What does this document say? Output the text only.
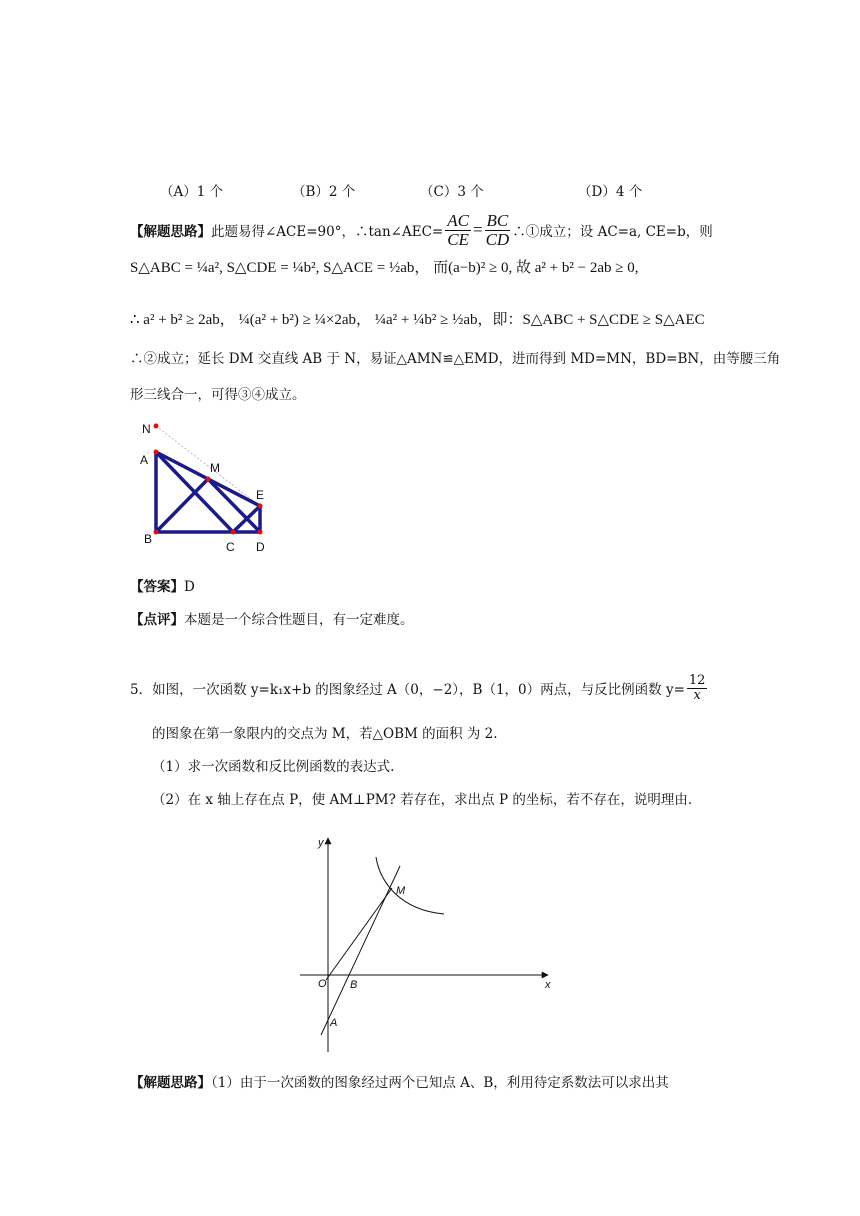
（A）1 个	（B）2 个	（C）3 个	（D）4 个
【解题思路】 此题易得∠ACE=90°，∴tan∠AEC= $\frac{AC}{CE} = \frac{BC}{CD}$ ∴①成立；设 AC=a, CE=b，则
S△ABC = ¼a², S△CDE = ¼b², S△ACE = ½ab， 而(a−b)² ≥ 0, 故 a² + b² − 2ab ≥ 0,
∴ a² + b² ≥ 2ab， ¼(a² + b²) ≥ ¼×2ab， ¼a² + ¼b² ≥ ½ab，即：S△ABC + S△CDE ≥ S△AEC
∴②成立；延长 DM 交直线 AB 于 N，易证△AMN≌△EMD，进而得到 MD=MN，BD=BN，由等腰三角
形三线合一，可得③④成立。
N
A
M
E
B
C D
【答案】D
【点评】本题是一个综合性题目，有一定难度。
5．如图，一次函数 y=k₁x+b 的图象经过 A（0，−2），B（1，0）两点，与反比例函数 $y= \frac{12}{x}$
的图象在第一象限内的交点为 M，若△OBM 的面积 为 2.
（1）求一次函数和反比例函数的表达式.
（2）在 x 轴上存在点 P，使 AM⊥PM? 若存在，求出点 P 的坐标，若不存在，说明理由.
y
x
O B
M
A
【解题思路】（1）由于一次函数的图象经过两个已知点 A、B，利用待定系数法可以求出其
